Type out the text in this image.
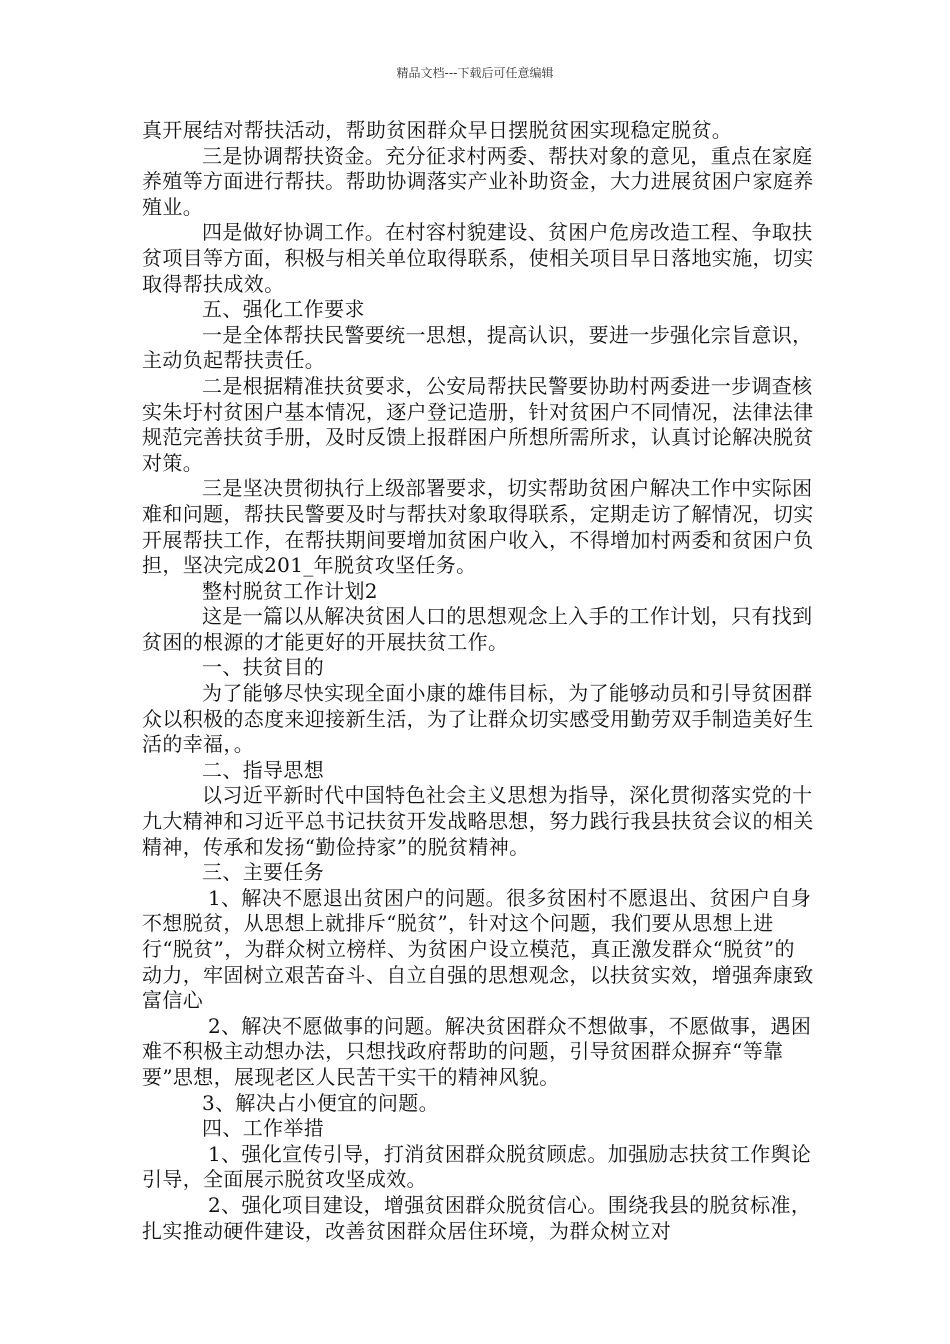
精品文档---下载后可任意编辑

真开展结对帮扶活动，帮助贫困群众早日摆脱贫困实现稳定脱贫。

三是协调帮扶资金。充分征求村两委、帮扶对象的意见，重点在家庭养殖等方面进行帮扶。帮助协调落实产业补助资金，大力进展贫困户家庭养殖业。

四是做好协调工作。在村容村貌建设、贫困户危房改造工程、争取扶贫项目等方面，积极与相关单位取得联系，使相关项目早日落地实施，切实取得帮扶成效。

五、强化工作要求

一是全体帮扶民警要统一思想，提高认识，要进一步强化宗旨意识，主动负起帮扶责任。

二是根据精准扶贫要求，公安局帮扶民警要协助村两委进一步调查核实朱圩村贫困户基本情况，逐户登记造册，针对贫困户不同情况，法律法律规范完善扶贫手册，及时反馈上报群困户所想所需所求，认真讨论解决脱贫对策。

三是坚决贯彻执行上级部署要求，切实帮助贫困户解决工作中实际困难和问题，帮扶民警要及时与帮扶对象取得联系，定期走访了解情况，切实开展帮扶工作，在帮扶期间要增加贫困户收入，不得增加村两委和贫困户负担，坚决完成201_年脱贫攻坚任务。

整村脱贫工作计划2

这是一篇以从解决贫困人口的思想观念上入手的工作计划，只有找到贫困的根源的才能更好的开展扶贫工作。

一、扶贫目的

为了能够尽快实现全面小康的雄伟目标，为了能够动员和引导贫困群众以积极的态度来迎接新生活，为了让群众切实感受用勤劳双手制造美好生活的幸福，。

二、指导思想

以习近平新时代中国特色社会主义思想为指导，深化贯彻落实党的十九大精神和习近平总书记扶贫开发战略思想，努力践行我县扶贫会议的相关精神，传承和发扬“勤俭持家”的脱贫精神。

三、主要任务

1、解决不愿退出贫困户的问题。很多贫困村不愿退出、贫困户自身不想脱贫，从思想上就排斥“脱贫”，针对这个问题，我们要从思想上进行“脱贫”，为群众树立榜样、为贫困户设立模范，真正激发群众“脱贫”的动力，牢固树立艰苦奋斗、自立自强的思想观念，以扶贫实效，增强奔康致富信心

2、解决不愿做事的问题。解决贫困群众不想做事，不愿做事，遇困难不积极主动想办法，只想找政府帮助的问题，引导贫困群众摒弃“等靠要”思想，展现老区人民苦干实干的精神风貌。

3、解决占小便宜的问题。

四、工作举措

1、强化宣传引导，打消贫困群众脱贫顾虑。加强励志扶贫工作舆论引导，全面展示脱贫攻坚成效。

2、强化项目建设，增强贫困群众脱贫信心。围绕我县的脱贫标准，扎实推动硬件建设，改善贫困群众居住环境，为群众树立对
